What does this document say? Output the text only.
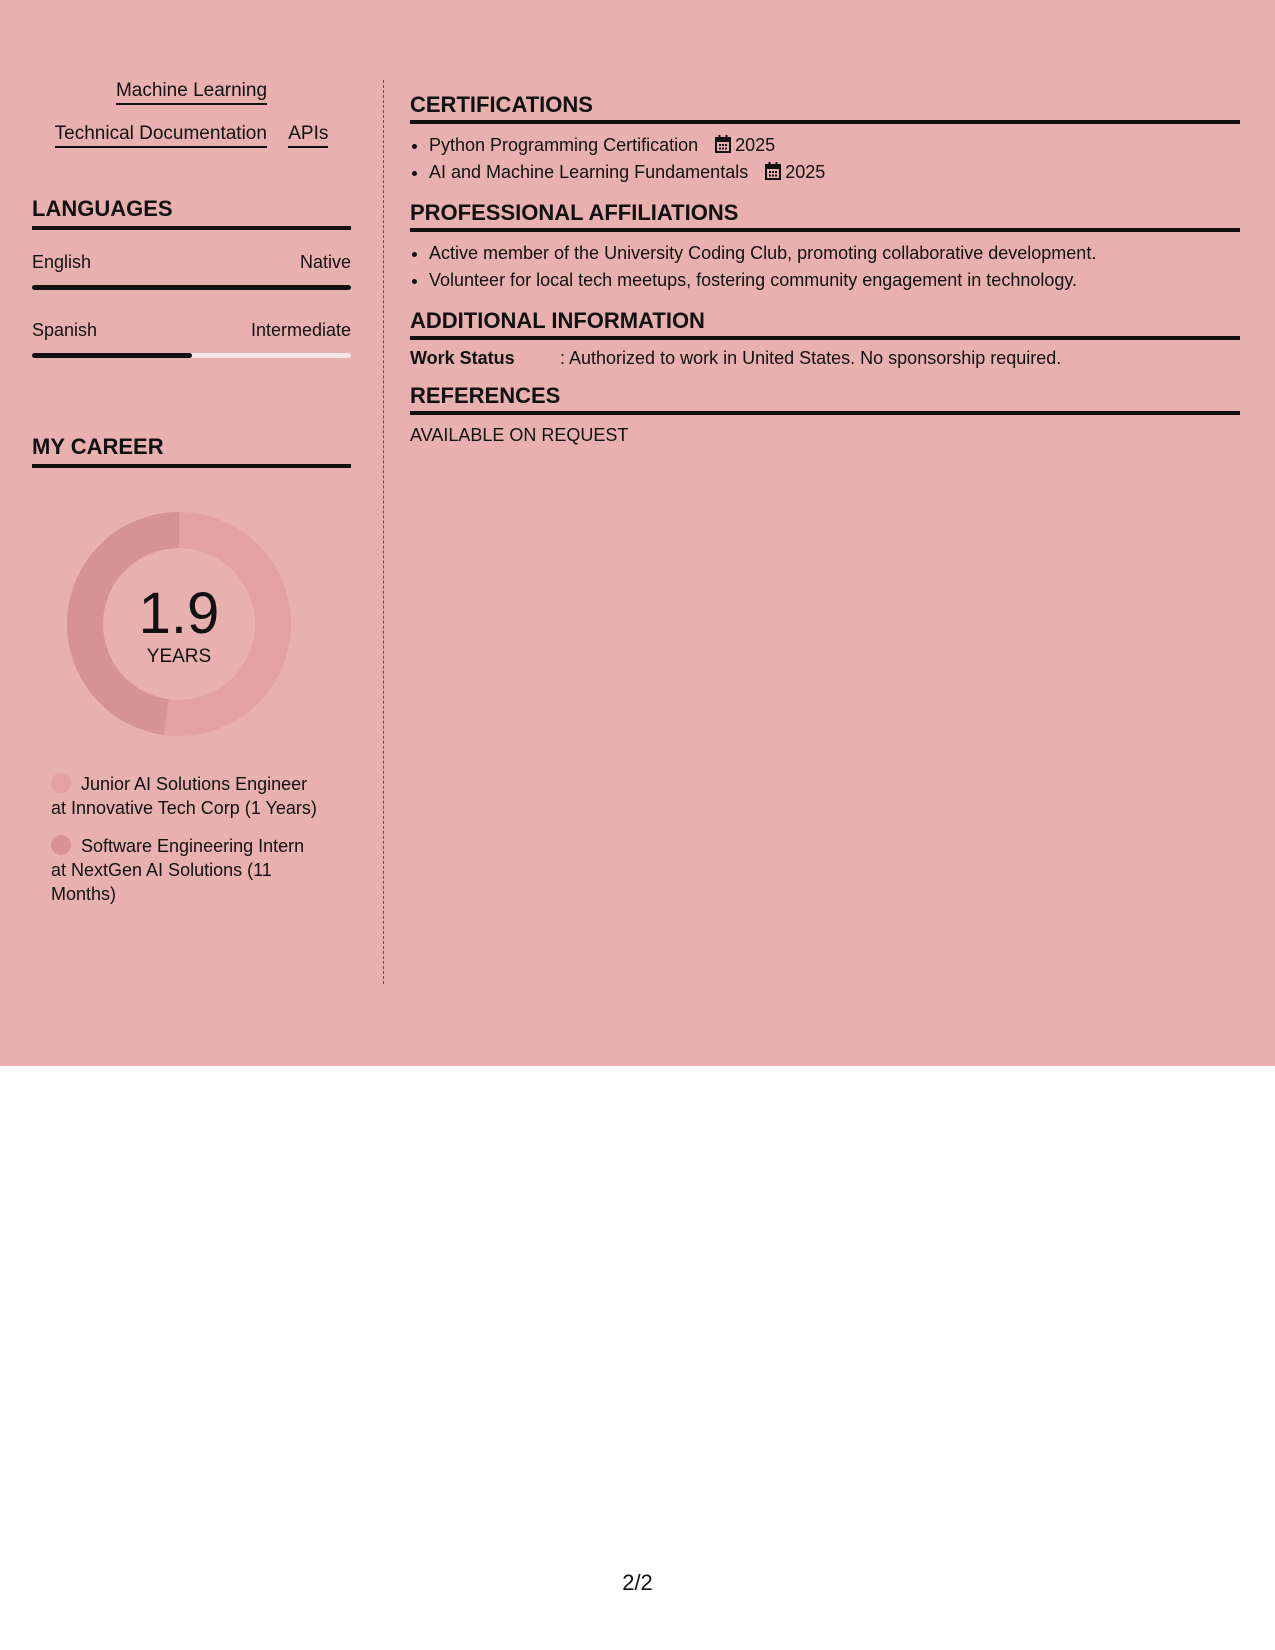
Machine Learning
Technical Documentation APIs
LANGUAGES
English	Native
Spanish	Intermediate
MY CAREER
1.9
YEARS
Junior AI Solutions Engineer at Innovative Tech Corp (1 Years)
Software Engineering Intern at NextGen AI Solutions (11 Months)
CERTIFICATIONS
• Python Programming Certification 2025
• AI and Machine Learning Fundamentals 2025
PROFESSIONAL AFFILIATIONS
• Active member of the University Coding Club, promoting collaborative development.
• Volunteer for local tech meetups, fostering community engagement in technology.
ADDITIONAL INFORMATION
Work Status	: Authorized to work in United States. No sponsorship required.
REFERENCES
AVAILABLE ON REQUEST
2/2
